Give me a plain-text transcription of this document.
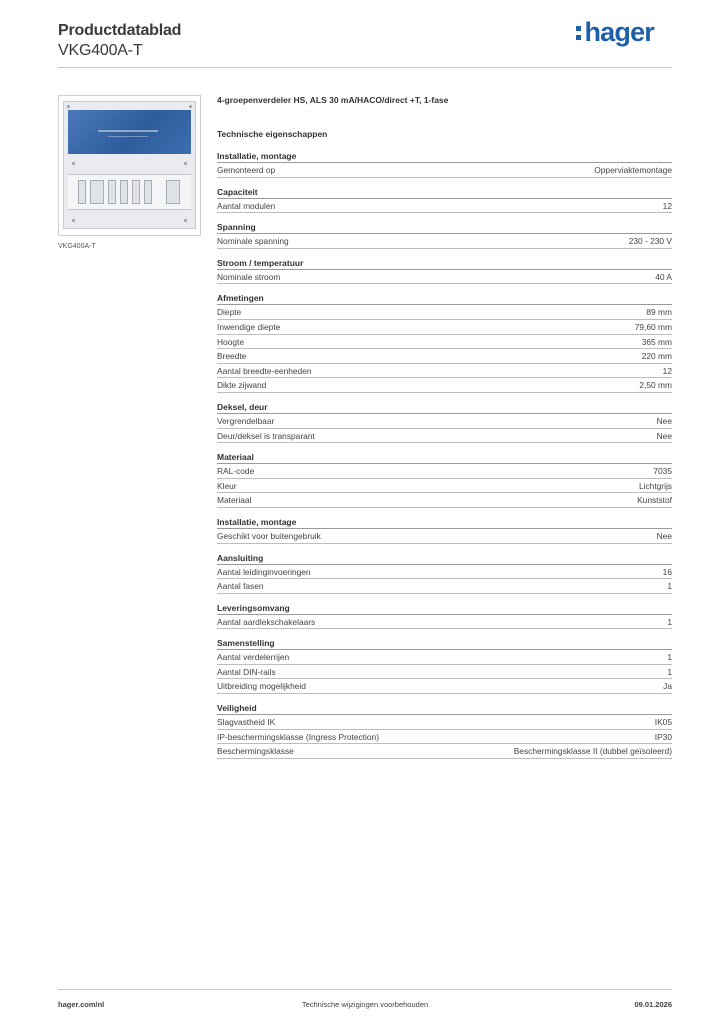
Productdatablad
VKG400A-T
hager
VKG400A-T
4-groepenverdeler HS, ALS 30 mA/HACO/direct +T, 1-fase
Technische eigenschappen
Installatie, montage
Gemonteerd op	Opperviaktemontage
Capaciteit
Aantal modulen	12
Spanning
Nominale spanning	230 - 230 V
Stroom / temperatuur
Nominale stroom	40 A
Afmetingen
Diepte	89 mm
Inwendige diepte	79,60 mm
Hoogte	365 mm
Breedte	220 mm
Aantal breedte-eenheden	12
Dikte zijwand	2,50 mm
Deksel, deur
Vergrendelbaar	Nee
Deur/deksel is transparant	Nee
Materiaal
RAL-code	7035
Kleur	Lichtgrijs
Materiaal	Kunststof
Installatie, montage
Geschikt voor buitengebruik	Nee
Aansluiting
Aantal leidinginvoeringen	16
Aantal fasen	1
Leveringsomvang
Aantal aardlekschakelaars	1
Samenstelling
Aantal verdelerrijen	1
Aantal DIN-rails	1
Uitbreiding mogelijkheid	Ja
Veiligheid
Slagvastheid IK	IK05
IP-beschermingsklasse (Ingress Protection)	IP30
Beschermingsklasse	Beschermingsklasse II (dubbel geïsoleerd)
hager.com/nl	Technische wijzigingen voorbehouden	09.01.2026
